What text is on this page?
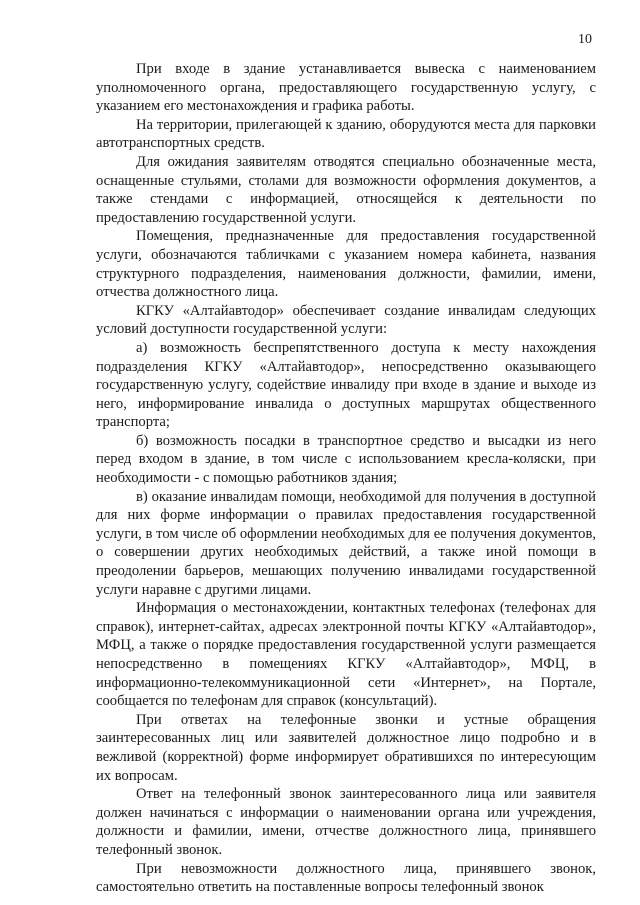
10

При входе в здание устанавливается вывеска с наименованием уполномоченного органа, предоставляющего государственную услугу, с указанием его местонахождения и графика работы.

На территории, прилегающей к зданию, оборудуются места для парковки автотранспортных средств.

Для ожидания заявителям отводятся специально обозначенные места, оснащенные стульями, столами для возможности оформления документов, а также стендами с информацией, относящейся к деятельности по предоставлению государственной услуги.

Помещения, предназначенные для предоставления государственной услуги, обозначаются табличками с указанием номера кабинета, названия структурного подразделения, наименования должности, фамилии, имени, отчества должностного лица.

КГКУ «Алтайавтодор» обеспечивает создание инвалидам следующих условий доступности государственной услуги:

а) возможность беспрепятственного доступа к месту нахождения подразделения КГКУ «Алтайавтодор», непосредственно оказывающего государственную услугу, содействие инвалиду при входе в здание и выходе из него, информирование инвалида о доступных маршрутах общественного транспорта;

б) возможность посадки в транспортное средство и высадки из него перед входом в здание, в том числе с использованием кресла-коляски, при необходимости - с помощью работников здания;

в) оказание инвалидам помощи, необходимой для получения в доступной для них форме информации о правилах предоставления государственной услуги, в том числе об оформлении необходимых для ее получения документов, о совершении других необходимых действий, а также иной помощи в преодолении барьеров, мешающих получению инвалидами государственной услуги наравне с другими лицами.

Информация о местонахождении, контактных телефонах (телефонах для справок), интернет-сайтах, адресах электронной почты КГКУ «Алтайавтодор», МФЦ, а также о порядке предоставления государственной услуги размещается непосредственно в помещениях КГКУ «Алтайавтодор», МФЦ, в информационно-телекоммуникационной сети «Интернет», на Портале, сообщается по телефонам для справок (консультаций).

При ответах на телефонные звонки и устные обращения заинтересованных лиц или заявителей должностное лицо подробно и в вежливой (корректной) форме информирует обратившихся по интересующим их вопросам.

Ответ на телефонный звонок заинтересованного лица или заявителя должен начинаться с информации о наименовании органа или учреждения, должности и фамилии, имени, отчестве должностного лица, принявшего телефонный звонок.

При невозможности должностного лица, принявшего звонок, самостоятельно ответить на поставленные вопросы телефонный звонок
